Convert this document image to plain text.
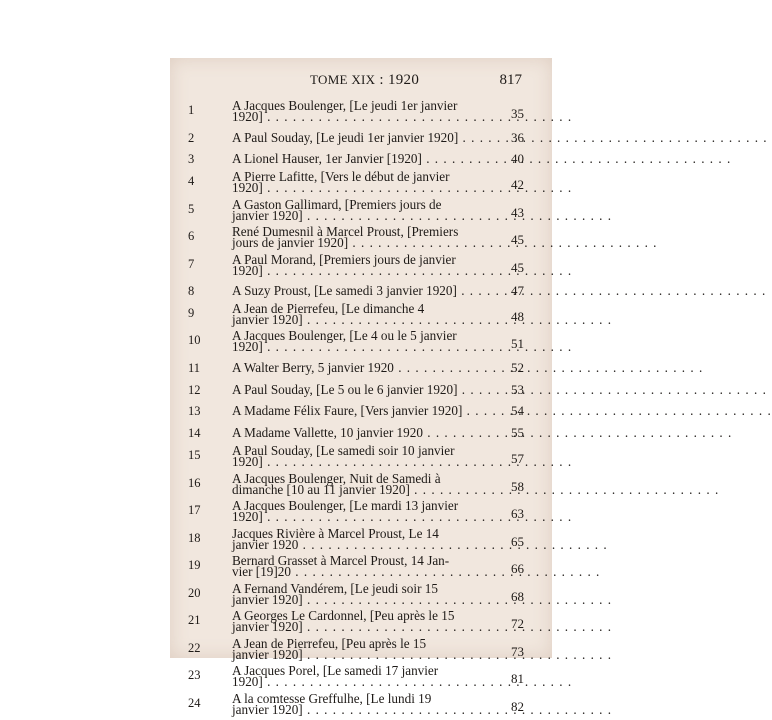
TOME XIX : 1920	817
1	A Jacques Boulenger, [Le jeudi 1er janvier
1920] . . .	35
2	A Paul Souday, [Le jeudi 1er janvier 1920] . . .	36
3	A Lionel Hauser, 1er Janvier [1920] . . .	40
4	A Pierre Lafitte, [Vers le début de janvier
1920] . . .	42
5	A Gaston Gallimard, [Premiers jours de
janvier 1920] . . .	43
6	René Dumesnil à Marcel Proust, [Premiers
jours de janvier 1920] . . .	45
7	A Paul Morand, [Premiers jours de janvier
1920] . . .	45
8	A Suzy Proust, [Le samedi 3 janvier 1920] . . .	47
9	A Jean de Pierrefeu, [Le dimanche 4
janvier 1920] . . .	48
10	A Jacques Boulenger, [Le 4 ou le 5 janvier
1920] . . .	51
11	A Walter Berry, 5 janvier 1920 . . .	52
12	A Paul Souday, [Le 5 ou le 6 janvier 1920] . . .	53
13	A Madame Félix Faure, [Vers janvier 1920] . . .	54
14	A Madame Vallette, 10 janvier 1920 . . .	55
15	A Paul Souday, [Le samedi soir 10 janvier
1920] . . .	57
16	A Jacques Boulenger, Nuit de Samedi à
dimanche [10 au 11 janvier 1920] . . .	58
17	A Jacques Boulenger, [Le mardi 13 janvier
1920] . . .	63
18	Jacques Rivière à Marcel Proust, Le 14
janvier 1920 . . .	65
19	Bernard Grasset à Marcel Proust, 14 Jan-
vier [19]20 . . .	66
20	A Fernand Vandérem, [Le jeudi soir 15
janvier 1920] . . .	68
21	A Georges Le Cardonnel, [Peu après le 15
janvier 1920] . . .	72
22	A Jean de Pierrefeu, [Peu après le 15
janvier 1920] . . .	73
23	A Jacques Porel, [Le samedi 17 janvier
1920] . . .	81
24	A la comtesse Greffulhe, [Le lundi 19
janvier 1920] . . .	82
